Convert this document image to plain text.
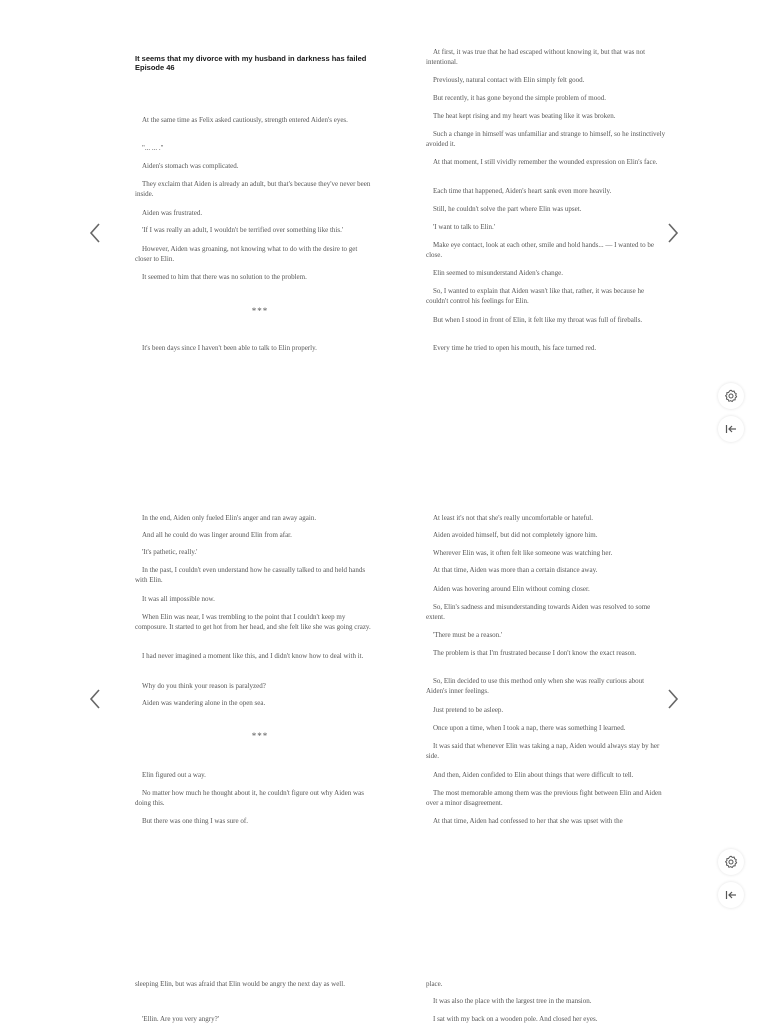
It seems that my divorce with my husband in darkness has failed
Episode 46

At the same time as Felix asked cautiously, strength entered Aiden's eyes.

"... ... ."

Aiden's stomach was complicated.

They exclaim that Aiden is already an adult, but that's because they've never been inside.

Aiden was frustrated.

'If I was really an adult, I wouldn't be terrified over something like this.'

However, Aiden was groaning, not knowing what to do with the desire to get closer to Elin.

It seemed to him that there was no solution to the problem.

***

It's been days since I haven't been able to talk to Elin properly.

At first, it was true that he had escaped without knowing it, but that was not intentional.

Previously, natural contact with Elin simply felt good.

But recently, it has gone beyond the simple problem of mood.

The heat kept rising and my heart was beating like it was broken.

Such a change in himself was unfamiliar and strange to himself, so he instinctively avoided it.

At that moment, I still vividly remember the wounded expression on Elin's face.

Each time that happened, Aiden's heart sank even more heavily.

Still, he couldn't solve the part where Elin was upset.

'I want to talk to Elin.'

Make eye contact, look at each other, smile and hold hands... — I wanted to be close.

Elin seemed to misunderstand Aiden's change.

So, I wanted to explain that Aiden wasn't like that, rather, it was because he couldn't control his feelings for Elin.

But when I stood in front of Elin, it felt like my throat was full of fireballs.

Every time he tried to open his mouth, his face turned red.

In the end, Aiden only fueled Elin's anger and ran away again.

And all he could do was linger around Elin from afar.

'It's pathetic, really.'

In the past, I couldn't even understand how he casually talked to and held hands with Elin.

It was all impossible now.

When Elin was near, I was trembling to the point that I couldn't keep my composure. It started to get hot from her head, and she felt like she was going crazy.

I had never imagined a moment like this, and I didn't know how to deal with it.

Why do you think your reason is paralyzed?

Aiden was wandering alone in the open sea.

***

Elin figured out a way.

No matter how much he thought about it, he couldn't figure out why Aiden was doing this.

But there was one thing I was sure of.

At least it's not that she's really uncomfortable or hateful.

Aiden avoided himself, but did not completely ignore him.

Wherever Elin was, it often felt like someone was watching her.

At that time, Aiden was more than a certain distance away.

Aiden was hovering around Elin without coming closer.

So, Elin's sadness and misunderstanding towards Aiden was resolved to some extent.

'There must be a reason.'

The problem is that I'm frustrated because I don't know the exact reason.

So, Elin decided to use this method only when she was really curious about Aiden's inner feelings.

Just pretend to be asleep.

Once upon a time, when I took a nap, there was something I learned.

It was said that whenever Elin was taking a nap, Aiden would always stay by her side.

And then, Aiden confided to Elin about things that were difficult to tell.

The most memorable among them was the previous fight between Elin and Aiden over a minor disagreement.

At that time, Aiden had confessed to her that she was upset with the

sleeping Elin, but was afraid that Elin would be angry the next day as well.

'Ellin. Are you very angry?'

place.

It was also the place with the largest tree in the mansion.

I sat with my back on a wooden pole. And closed her eyes.
